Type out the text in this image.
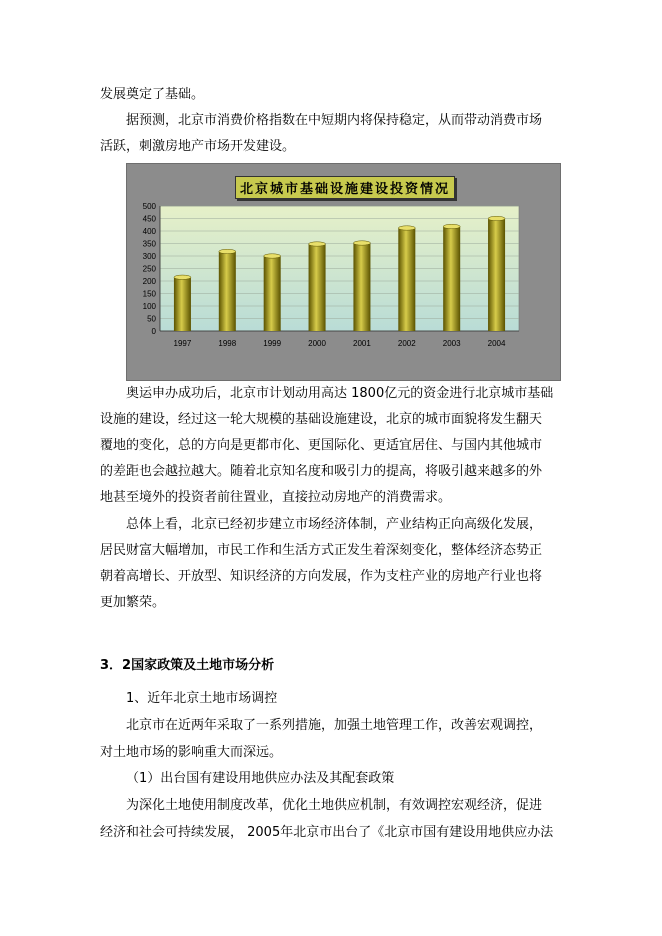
发展奠定了基础。
据预测，北京市消费价格指数在中短期内将保持稳定，从而带动消费市场
活跃，刺激房地产市场开发建设。
0
50
100
150
200
250
300
350
400
450
500
1997	1998	1999	2000	2001	2002	2003	2004
北京城市基础设施建设投资情况
奥运申办成功后，北京市计划动用高达 1800亿元的资金进行北京城市基础
设施的建设，经过这一轮大规模的基础设施建设，北京的城市面貌将发生翻天
覆地的变化，总的方向是更都市化、更国际化、更适宜居住、与国内其他城市
的差距也会越拉越大。随着北京知名度和吸引力的提高，将吸引越来越多的外
地甚至境外的投资者前往置业，直接拉动房地产的消费需求。
总体上看，北京已经初步建立市场经济体制，产业结构正向高级化发展，
居民财富大幅增加，市民工作和生活方式正发生着深刻变化，整体经济态势正
朝着高增长、开放型、知识经济的方向发展，作为支柱产业的房地产行业也将
更加繁荣。
3．2国家政策及土地市场分析
1、近年北京土地市场调控
北京市在近两年采取了一系列措施，加强土地管理工作，改善宏观调控，
对土地市场的影响重大而深远。
（1）出台国有建设用地供应办法及其配套政策
为深化土地使用制度改革，优化土地供应机制，有效调控宏观经济，促进
经济和社会可持续发展， 2005年北京市出台了《北京市国有建设用地供应办法
